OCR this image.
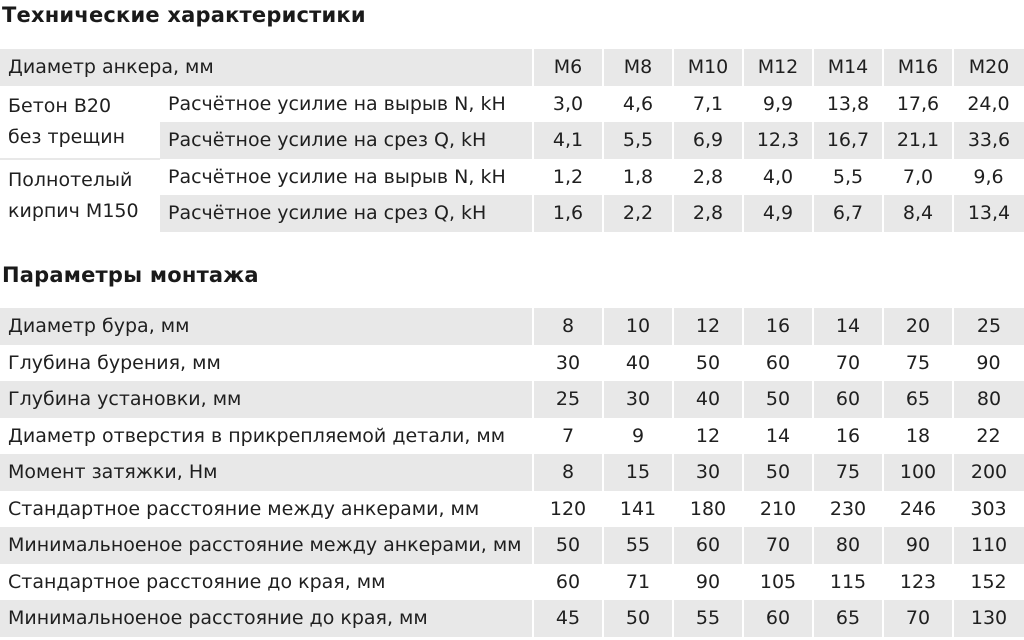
Технические характеристики
Диаметр анкера, мм		M6	M8	M10	M12	M14	M16	M20

Бетон B20
без трещин	Расчётное усилие на вырыв N, kH	3,0	4,6	7,1	9,9	13,8	17,6	24,0
	Расчётное усилие на срез Q, kH	4,1	5,5	6,9	12,3	16,7	21,1	33,6

Полнотелый
кирпич M150	Расчётное усилие на вырыв N, kH	1,2	1,8	2,8	4,0	5,5	7,0	9,6
	Расчётное усилие на срез Q, kH	1,6	2,2	2,8	4,9	6,7	8,4	13,4
Параметры монтажа
Диаметр бура, мм	8	10	12	16	14	20	25
Глубина бурения, мм	30	40	50	60	70	75	90
Глубина установки, мм	25	30	40	50	60	65	80
Диаметр отверстия в прикрепляемой детали, мм	7	9	12	14	16	18	22
Момент затяжки, Нм	8	15	30	50	75	100	200
Стандартное расстояние между анкерами, мм	120	141	180	210	230	246	303
Минимальноеное расстояние между анкерами, мм	50	55	60	70	80	90	110
Стандартное расстояние до края, мм	60	71	90	105	115	123	152
Минимальноеное расстояние до края, мм	45	50	55	60	65	70	130
